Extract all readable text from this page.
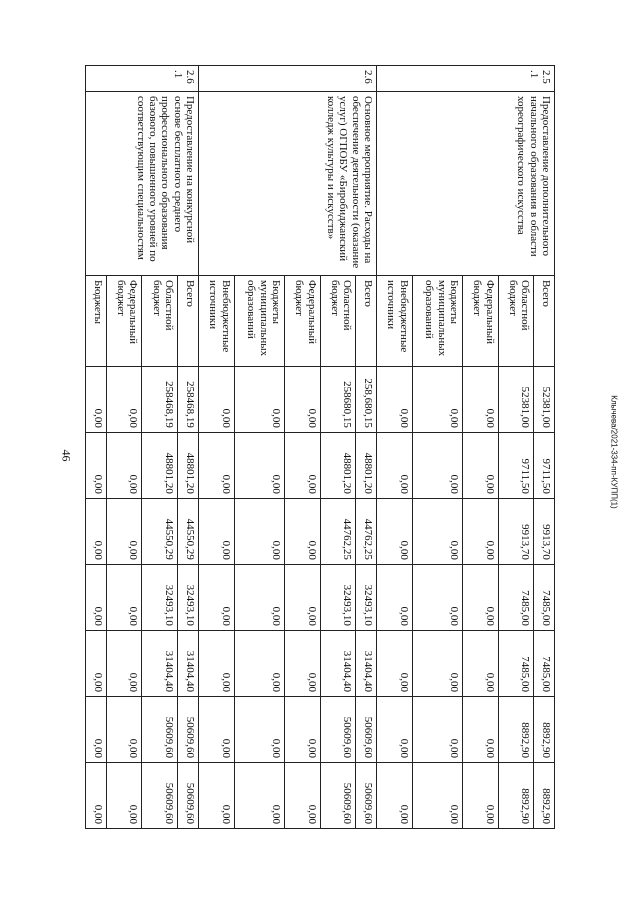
46	Клычева/2021-334-пп-КУПП(1)
2.5
.1	Предоставление дополнительного начального образования в области хореографического искусства	Всего	52381,00	9711,50	9913,70	7485,00	7485,00	8892,90	8892,90
		Областной бюджет	52381,00	9711,50	9913,70	7485,00	7485,00	8892,90	8892,90
		Федеральный бюджет	0,00	0,00	0,00	0,00	0,00	0,00	0,00
		Бюджеты муниципальных образований	0,00	0,00	0,00	0,00	0,00	0,00	0,00
		Внебюджетные источники	0,00	0,00	0,00	0,00	0,00	0,00	0,00
2.6	Основное мероприятие. Расходы на обеспечение деятельности (оказание услуг) ОГПОБУ «Биробиджанский колледж культуры и искусств»	Всего	258,680,15	48801,20	44762,25	32493,10	31404,40	50609,60	50609,60
		Областной бюджет	258680,15	48801,20	44762,25	32493,10	31404,40	50609,60	50609,60
		Федеральный бюджет	0,00	0,00	0,00	0,00	0,00	0,00	0,00
		Бюджеты муниципальных образований	0,00	0,00	0,00	0,00	0,00	0,00	0,00
		Внебюджетные источники	0,00	0,00	0,00	0,00	0,00	0,00	0,00
2.6
.1	Предоставление на конкурсной основе бесплатного среднего профессионального образования базового, повышенного уровней по соответствующим специальностям	Всего	258468,19	48801,20	44550,29	32493,10	31404,40	50609,60	50609,60
		Областной бюджет	258468,19	48801,20	44550,29	32493,10	31404,40	50609,60	50609,60
		Федеральный бюджет	0,00	0,00	0,00	0,00	0,00	0,00	0,00
		Бюджеты	0,00	0,00	0,00	0,00	0,00	0,00	0,00
